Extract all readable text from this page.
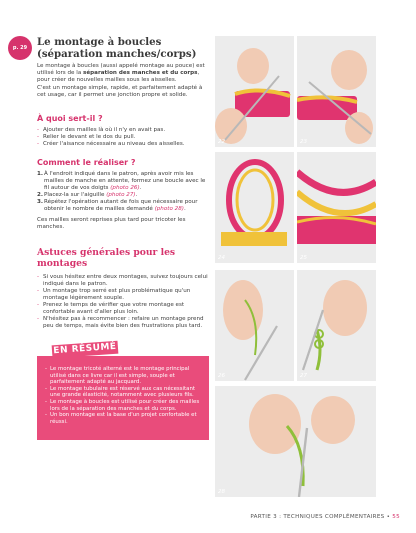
p. 29 Le montage à boucles (séparation manches/corps)
Le montage à boucles (aussi appelé montage au pouce) est utilisé lors de la séparation des manches et du corps, pour créer de nouvelles mailles sous les aisselles.
C'est un montage simple, rapide, et parfaitement adapté à cet usage, car il permet une jonction propre et solide.
À quoi sert-il ?
- Ajouter des mailles là où il n'y en avait pas.
- Relier le devant et le dos du pull.
- Créer l'aisance nécessaire au niveau des aisselles.
Comment le réaliser ?
1. À l'endroit indiqué dans le patron, après avoir mis les mailles de manche en attente, formez une boucle avec le fil autour de vos doigts (photo 26).
2. Placez-la sur l'aiguille (photo 27).
3. Répétez l'opération autant de fois que nécessaire pour obtenir le nombre de mailles demandé (photo 28).
Ces mailles seront reprises plus tard pour tricoter les manches.
Astuces générales pour les montages
- Si vous hésitez entre deux montages, suivez toujours celui indiqué dans le patron.
- Un montage trop serré est plus problématique qu'un montage légèrement souple.
- Prenez le temps de vérifier que votre montage est confortable avant d'aller plus loin.
- N'hésitez pas à recommencer : refaire un montage prend peu de temps, mais évite bien des frustrations plus tard.
- Le montage tricoté alterné est le montage principal utilisé dans ce livre car il est simple, souple et parfaitement adapté au jacquard.
- Le montage tubulaire est réservé aux cas nécessitant une grande élasticité, notamment avec plusieurs fils.
- Le montage à boucles est utilisé pour créer des mailles lors de la séparation des manches et du corps.
- Un bon montage est la base d'un projet confortable et réussi.
EN RÉSUMÉ
22	23
24	25
26	27
28
PARTIE 3 : TECHNIQUES COMPLÉMENTAIRES • 55
